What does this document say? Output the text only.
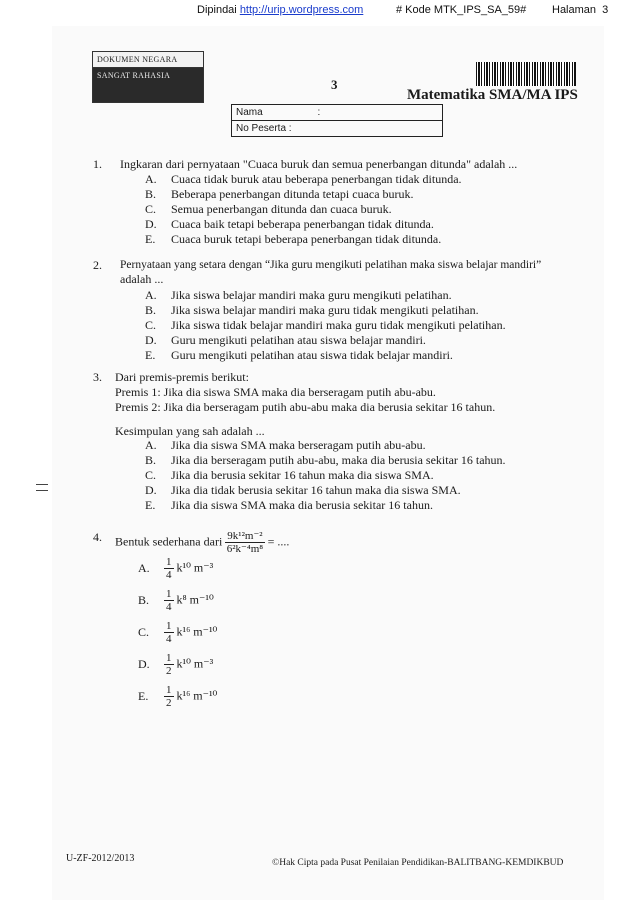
Dipindai http://urip.wordpress.com	# Kode MTK_IPS_SA_59# Halaman 3
DOKUMEN NEGARA
SANGAT RAHASIA
3
Matematika SMA/MA IPS
Nama	:
No Peserta :
1. Ingkaran dari pernyataan "Cuaca buruk dan semua penerbangan ditunda" adalah ...
A. Cuaca tidak buruk atau beberapa penerbangan tidak ditunda.
B. Beberapa penerbangan ditunda tetapi cuaca buruk.
C. Semua penerbangan ditunda dan cuaca buruk.
D. Cuaca baik tetapi beberapa penerbangan tidak ditunda.
E. Cuaca buruk tetapi beberapa penerbangan tidak ditunda.
2. Pernyataan yang setara dengan “Jika guru mengikuti pelatihan maka siswa belajar mandiri”
adalah ...
A. Jika siswa belajar mandiri maka guru mengikuti pelatihan.
B. Jika siswa belajar mandiri maka guru tidak mengikuti pelatihan.
C. Jika siswa tidak belajar mandiri maka guru tidak mengikuti pelatihan.
D. Guru mengikuti pelatihan atau siswa belajar mandiri.
E. Guru mengikuti pelatihan atau siswa tidak belajar mandiri.
3. Dari premis-premis berikut:
Premis 1: Jika dia siswa SMA maka dia berseragam putih abu-abu.
Premis 2: Jika dia berseragam putih abu-abu maka dia berusia sekitar 16 tahun.
Kesimpulan yang sah adalah ...
A. Jika dia siswa SMA maka berseragam putih abu-abu.
B. Jika dia berseragam putih abu-abu, maka dia berusia sekitar 16 tahun.
C. Jika dia berusia sekitar 16 tahun maka dia siswa SMA.
D. Jika dia tidak berusia sekitar 16 tahun maka dia siswa SMA.
E. Jika dia siswa SMA maka dia berusia sekitar 16 tahun.
4. Bentuk sederhana dari $\frac{\text{9k¹²m⁻²}}{\text{6²k⁻⁴m⁸}}$ = ....
A. $\frac{1}{4} k^{10}$ m⁻³
B. $\frac{1}{4} k^8$ m⁻¹⁰
C. $\frac{1}{4} k^{16}$ m⁻¹⁰
D. $\frac{1}{2} k^{10}$ m⁻³
E. $\frac{1}{2} k^{16}$ m⁻¹⁰
U-ZF-2012/2013	©Hak Cipta pada Pusat Penilaian Pendidikan-BALITBANG-KEMDIKBUD
